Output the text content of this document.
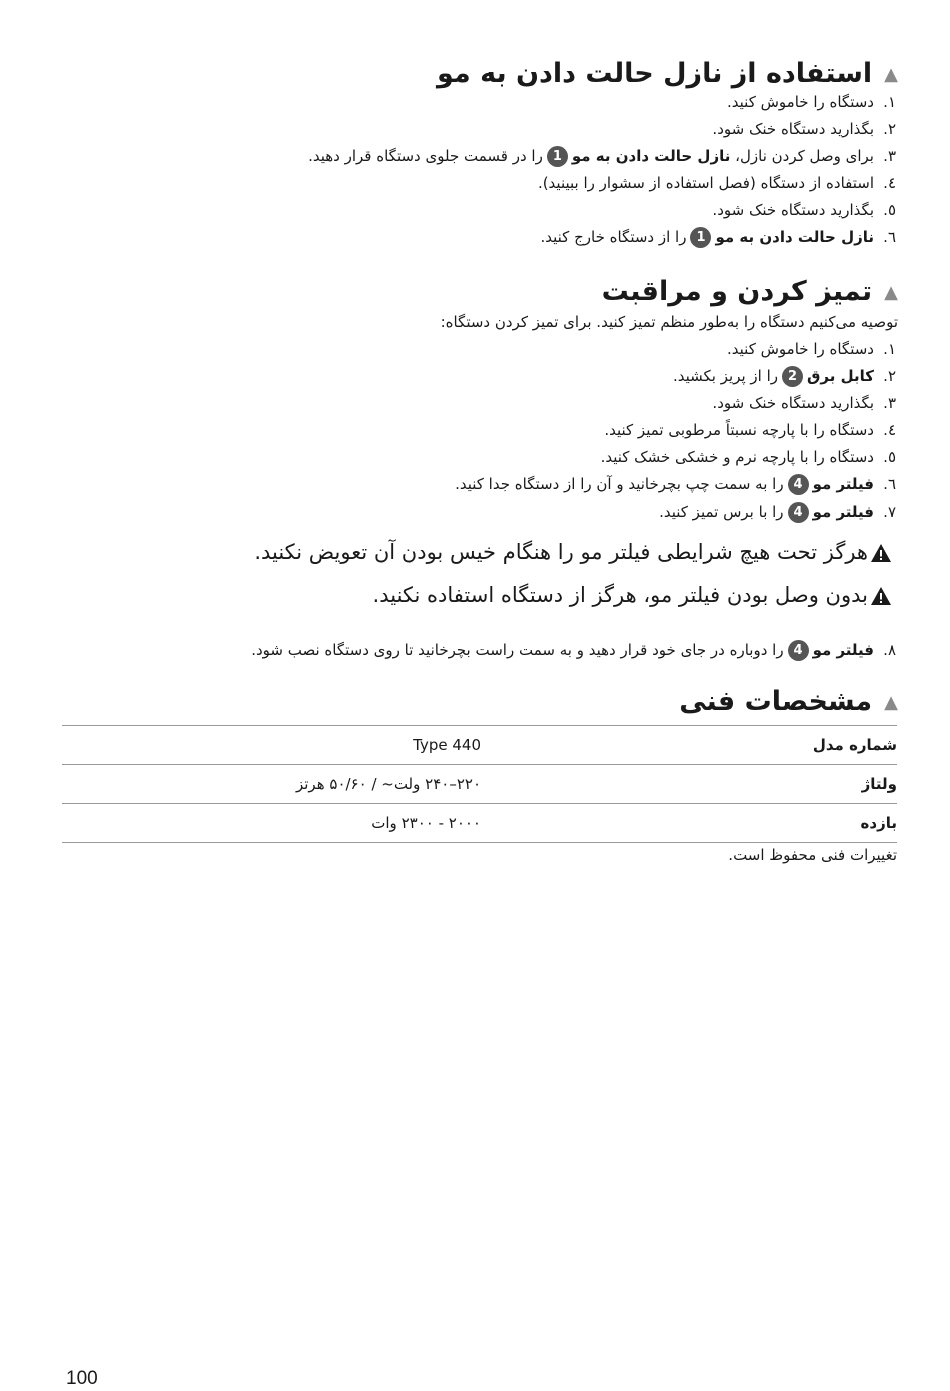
▲استفاده از نازل حالت دادن به مو
١.دستگاه را خاموش کنید.
٢.بگذارید دستگاه خنک شود.
٣.برای وصل کردن نازل، نازل حالت دادن به مو1را در قسمت جلوی دستگاه قرار دهید.
٤.استفاده از دستگاه (فصل استفاده از سشوار را ببینید).
٥.بگذارید دستگاه خنک شود.
٦.نازل حالت دادن به مو1را از دستگاه خارج کنید.
▲تمیز کردن و مراقبت
توصیه می‌کنیم دستگاه را به‌طور منظم تمیز کنید. برای تمیز کردن دستگاه:
١.دستگاه را خاموش کنید.
٢.کابل برق2را از پریز بکشید.
٣.بگذارید دستگاه خنک شود.
٤.دستگاه را با پارچه نسبتاً مرطوبی تمیز کنید.
٥.دستگاه را با پارچه نرم و خشکی خشک کنید.
٦.فیلتر مو4را به سمت چپ بچرخانید و آن را از دستگاه جدا کنید.
٧.فیلتر مو4را با برس تمیز کنید.
هرگز تحت هیچ شرایطی فیلتر مو را هنگام خیس بودن آن تعویض نکنید.
بدون وصل بودن فیلتر مو، هرگز از دستگاه استفاده نکنید.
٨.فیلتر مو4را دوباره در جای خود قرار دهید و به سمت راست بچرخانید تا روی دستگاه نصب شود.
▲مشخصات فنی
شماره مدل
Type 440
ولتاژ
۲۲۰–۲۴۰ ولت~ / ۵۰/۶۰ هرتز
بازده
۲۰۰۰ - ۲۳۰۰ وات
تغییرات فنی محفوظ است.
100
